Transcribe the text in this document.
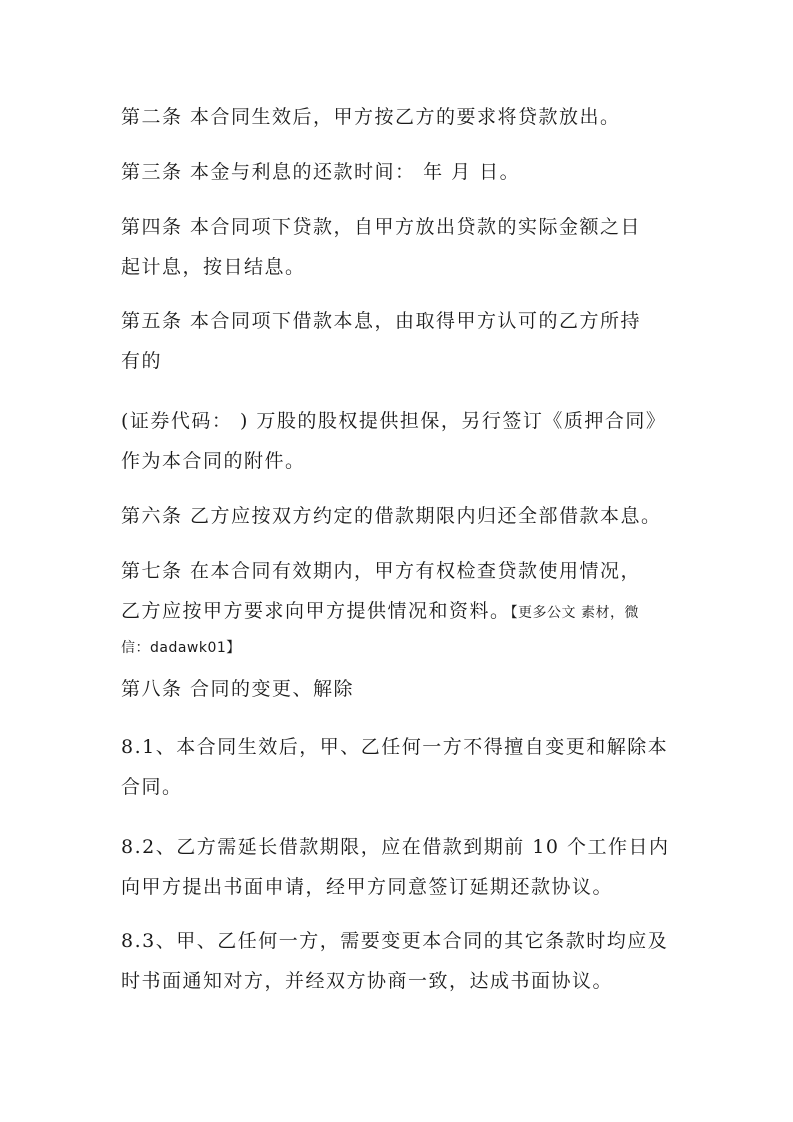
第二条 本合同生效后，甲方按乙方的要求将贷款放出。

第三条 本金与利息的还款时间： 年 月 日。

第四条 本合同项下贷款，自甲方放出贷款的实际金额之日
起计息，按日结息。

第五条 本合同项下借款本息，由取得甲方认可的乙方所持
有的

(证券代码： ) 万股的股权提供担保，另行签订《质押合同》
作为本合同的附件。

第六条 乙方应按双方约定的借款期限内归还全部借款本息。

第七条 在本合同有效期内，甲方有权检查贷款使用情况，
乙方应按甲方要求向甲方提供情况和资料。【更多公文 素材，微
信：dadawk01】

第八条 合同的变更、解除

8.1、本合同生效后，甲、乙任何一方不得擅自变更和解除本
合同。

8.2、乙方需延长借款期限，应在借款到期前 10 个工作日内
向甲方提出书面申请，经甲方同意签订延期还款协议。

8.3、甲、乙任何一方，需要变更本合同的其它条款时均应及
时书面通知对方，并经双方协商一致，达成书面协议。
